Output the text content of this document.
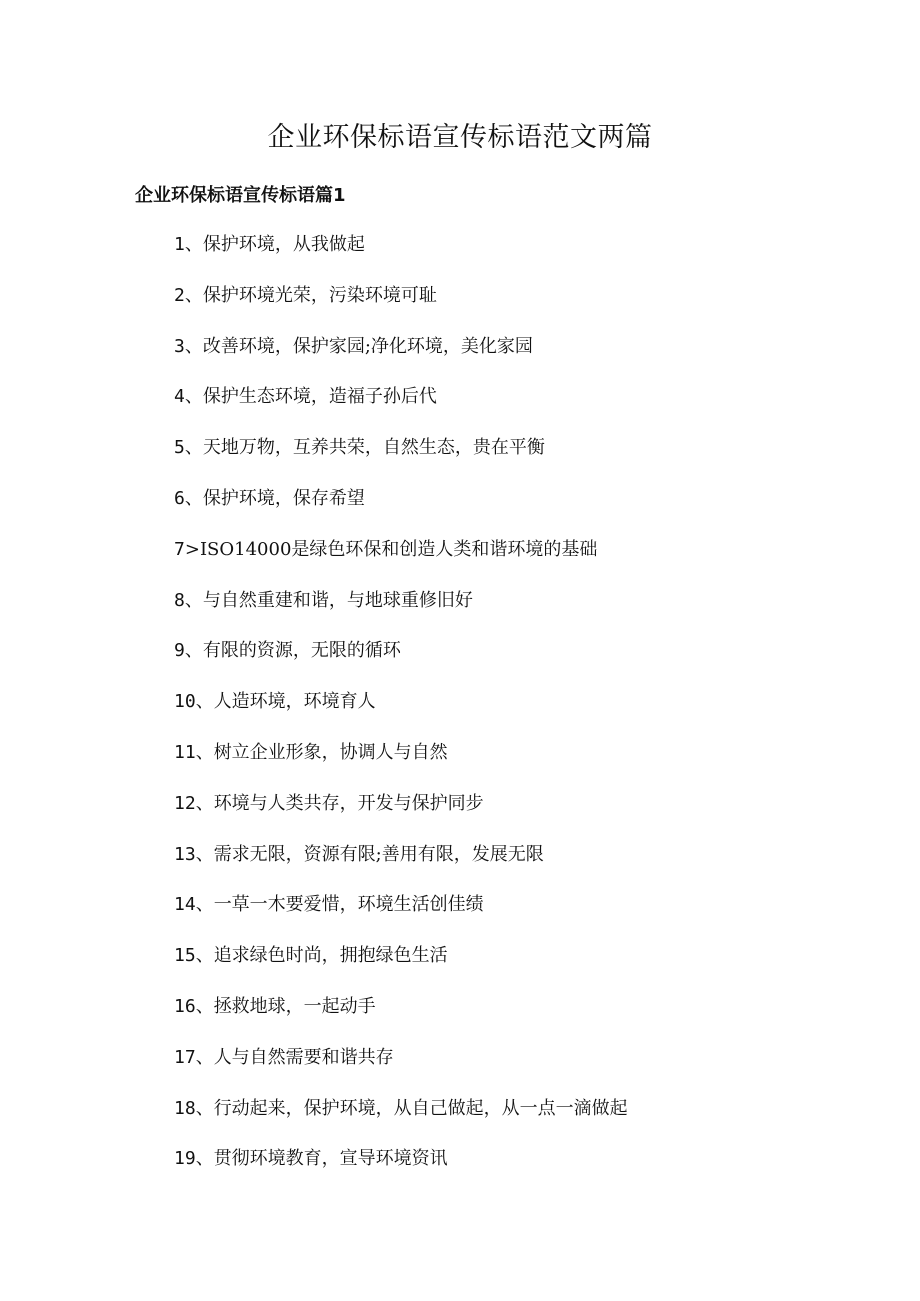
企业环保标语宣传标语范文两篇
企业环保标语宣传标语篇1
1、保护环境，从我做起
2、保护环境光荣，污染环境可耻
3、改善环境，保护家园;净化环境，美化家园
4、保护生态环境，造福子孙后代
5、天地万物，互养共荣，自然生态，贵在平衡
6、保护环境，保存希望
7>ISO14000是绿色环保和创造人类和谐环境的基础
8、与自然重建和谐，与地球重修旧好
9、有限的资源，无限的循环
10、人造环境，环境育人
11、树立企业形象，协调人与自然
12、环境与人类共存，开发与保护同步
13、需求无限，资源有限;善用有限，发展无限
14、一草一木要爱惜，环境生活创佳绩
15、追求绿色时尚，拥抱绿色生活
16、拯救地球，一起动手
17、人与自然需要和谐共存
18、行动起来，保护环境，从自己做起，从一点一滴做起
19、贯彻环境教育，宣导环境资讯
